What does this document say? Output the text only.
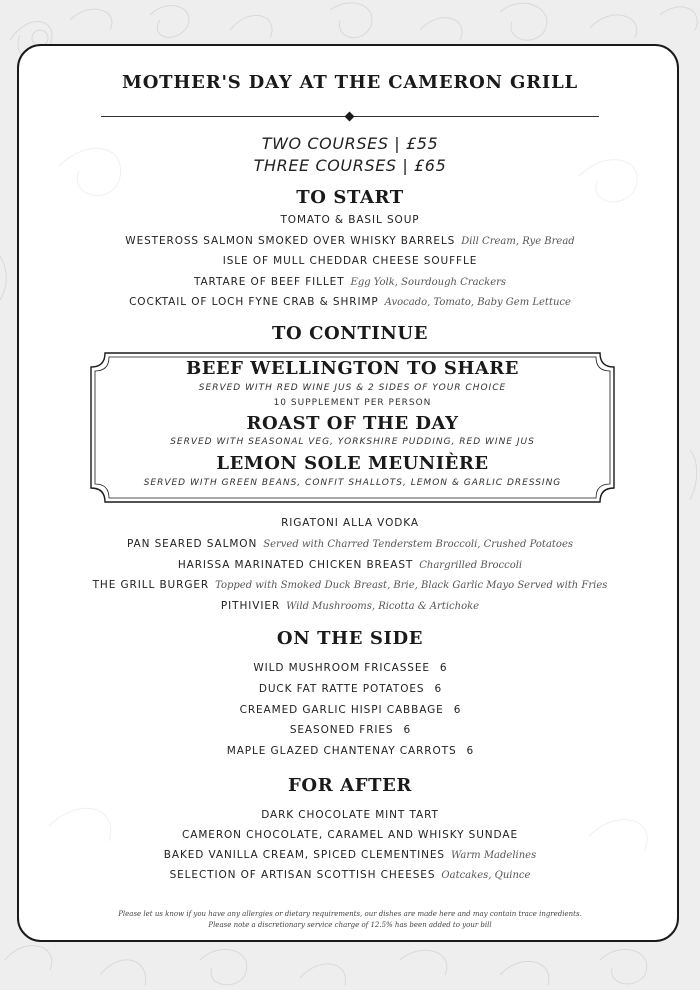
MOTHER'S DAY AT THE CAMERON GRILL
TWO COURSES | £55
THREE COURSES | £65
TO START
TOMATO & BASIL SOUP
WESTEROSS SALMON SMOKED OVER WHISKY BARRELS Dill Cream, Rye Bread
ISLE OF MULL CHEDDAR CHEESE SOUFFLE
TARTARE OF BEEF FILLET Egg Yolk, Sourdough Crackers
COCKTAIL OF LOCH FYNE CRAB & SHRIMP Avocado, Tomato, Baby Gem Lettuce
TO CONTINUE
BEEF WELLINGTON TO SHARE
SERVED WITH RED WINE JUS & 2 SIDES OF YOUR CHOICE
10 SUPPLEMENT PER PERSON
ROAST OF THE DAY
SERVED WITH SEASONAL VEG, YORKSHIRE PUDDING, RED WINE JUS
LEMON SOLE MEUNIÈRE
SERVED WITH GREEN BEANS, CONFIT SHALLOTS, LEMON & GARLIC DRESSING
RIGATONI ALLA VODKA
PAN SEARED SALMON Served with Charred Tenderstem Broccoli, Crushed Potatoes
HARISSA MARINATED CHICKEN BREAST Chargrilled Broccoli
THE GRILL BURGER Topped with Smoked Duck Breast, Brie, Black Garlic Mayo Served with Fries
PITHIVIER Wild Mushrooms, Ricotta & Artichoke
ON THE SIDE
WILD MUSHROOM FRICASSEE 6
DUCK FAT RATTE POTATOES 6
CREAMED GARLIC HISPI CABBAGE 6
SEASONED FRIES 6
MAPLE GLAZED CHANTENAY CARROTS 6
FOR AFTER
DARK CHOCOLATE MINT TART
CAMERON CHOCOLATE, CARAMEL AND WHISKY SUNDAE
BAKED VANILLA CREAM, SPICED CLEMENTINES Warm Madelines
SELECTION OF ARTISAN SCOTTISH CHEESES Oatcakes, Quince
Please let us know if you have any allergies or dietary requirements, our dishes are made here and may contain trace ingredients.
Please note a discretionary service charge of 12.5% has been added to your bill
